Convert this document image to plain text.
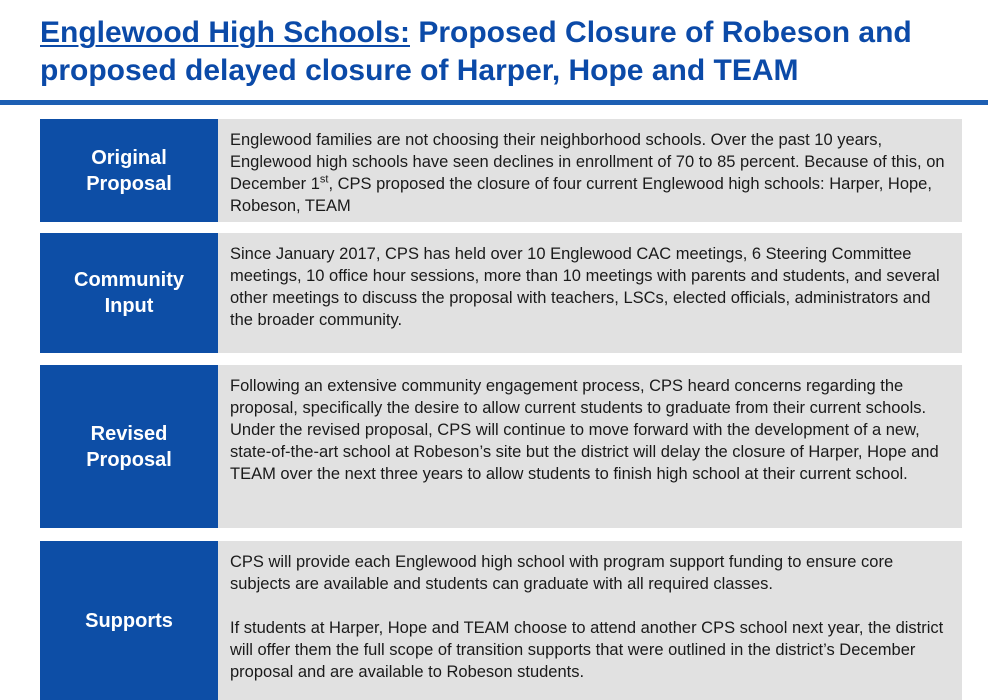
Englewood High Schools: Proposed Closure of Robeson and proposed delayed closure of Harper, Hope and TEAM
Original Proposal

Englewood families are not choosing their neighborhood schools. Over the past 10 years, Englewood high schools have seen declines in enrollment of 70 to 85 percent. Because of this, on December 1st, CPS proposed the closure of four current Englewood high schools: Harper, Hope, Robeson, TEAM

Community Input

Since January 2017, CPS has held over 10 Englewood CAC meetings, 6 Steering Committee meetings, 10 office hour sessions, more than 10 meetings with parents and students, and several other meetings to discuss the proposal with teachers, LSCs, elected officials, administrators and the broader community.

Revised Proposal

Following an extensive community engagement process, CPS heard concerns regarding the proposal, specifically the desire to allow current students to graduate from their current schools. Under the revised proposal, CPS will continue to move forward with the development of a new, state-of-the-art school at Robeson’s site but the district will delay the closure of Harper, Hope and TEAM over the next three years to allow students to finish high school at their current school.

Supports

CPS will provide each Englewood high school with program support funding to ensure core subjects are available and students can graduate with all required classes.

If students at Harper, Hope and TEAM choose to attend another CPS school next year, the district will offer them the full scope of transition supports that were outlined in the district’s December proposal and are available to Robeson students.
